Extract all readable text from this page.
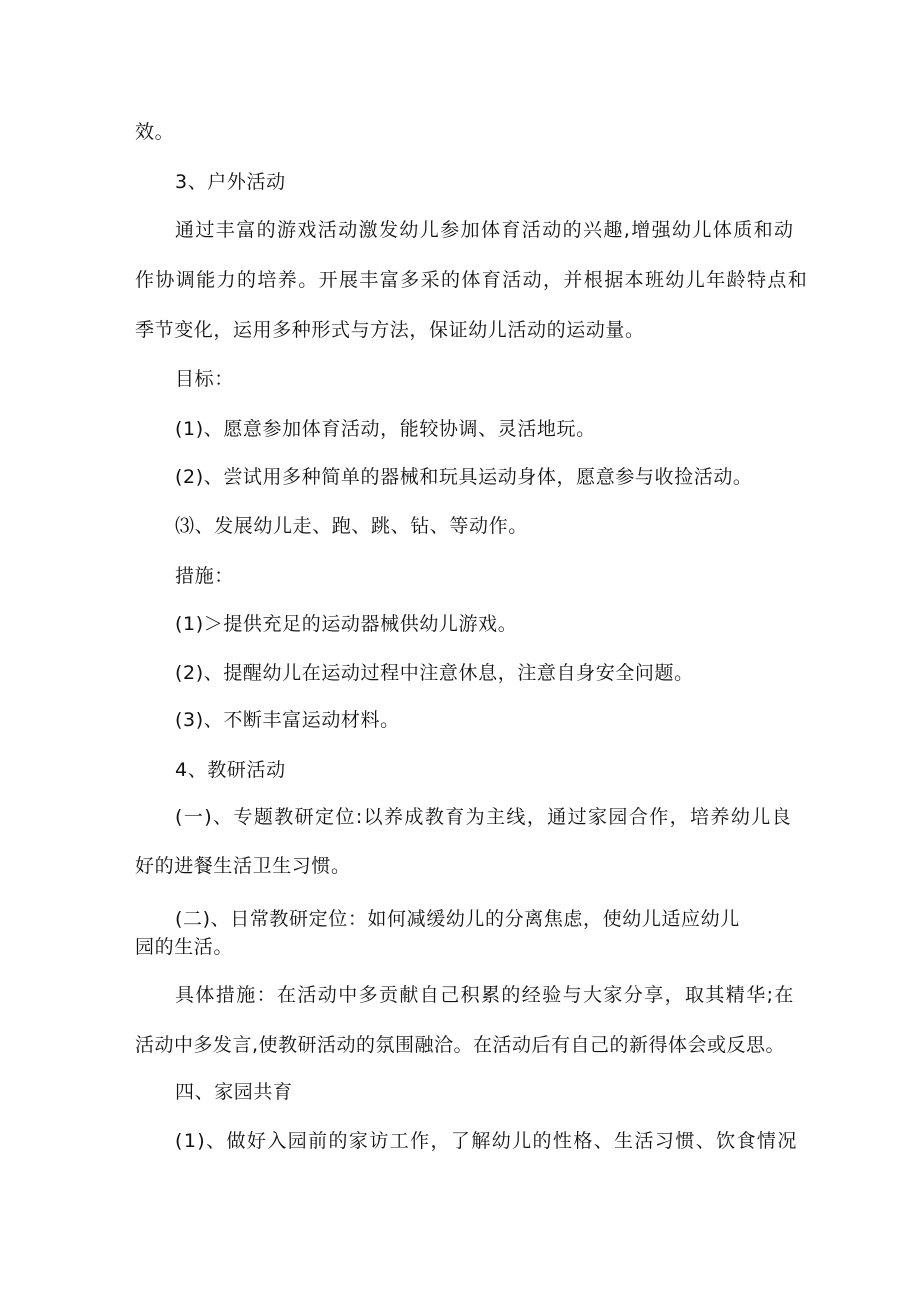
效。

3、户外活动

通过丰富的游戏活动激发幼儿参加体育活动的兴趣,增强幼儿体质和动

作协调能力的培养。开展丰富多采的体育活动，并根据本班幼儿年龄特点和

季节变化，运用多种形式与方法，保证幼儿活动的运动量。

目标：

(1)、愿意参加体育活动，能较协调、灵活地玩。

(2)、尝试用多种简单的器械和玩具运动身体，愿意参与收捡活动。

⑶、发展幼儿走、跑、跳、钻、等动作。

措施：

(1)＞提供充足的运动器械供幼儿游戏。

(2)、提醒幼儿在运动过程中注意休息，注意自身安全问题。

(3)、不断丰富运动材料。

4、教研活动

(一)、专题教研定位:以养成教育为主线，通过家园合作，培养幼儿良

好的进餐生活卫生习惯。

(二)、日常教研定位：如何减缓幼儿的分离焦虑，使幼儿适应幼儿

园的生活。

具体措施：在活动中多贡献自己积累的经验与大家分享，取其精华;在

活动中多发言,使教研活动的氛围融洽。在活动后有自己的新得体会或反思。

四、家园共育

(1)、做好入园前的家访工作，了解幼儿的性格、生活习惯、饮食情况
